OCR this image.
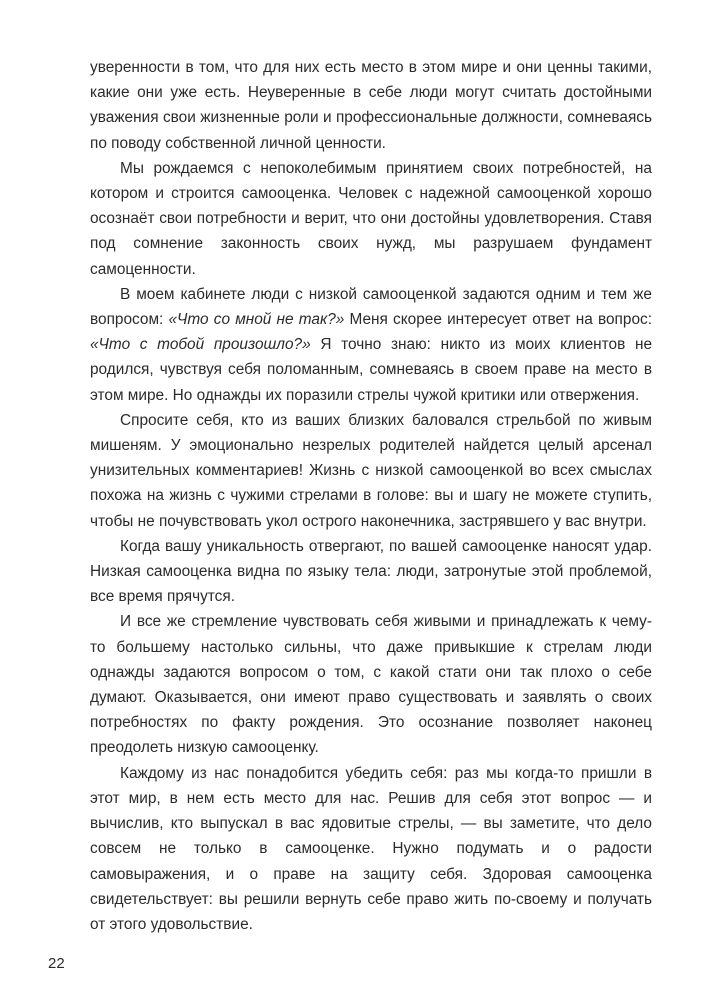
уверенности в том, что для них есть место в этом мире и они ценны такими, какие они уже есть. Неуверенные в себе люди могут считать достойными уважения свои жизненные роли и профессиональные должности, сомневаясь по поводу собственной личной ценности.

Мы рождаемся с непоколебимым принятием своих потребностей, на котором и строится самооценка. Человек с надежной самооценкой хорошо осознаёт свои потребности и верит, что они достойны удовлетворения. Ставя под сомнение законность своих нужд, мы разрушаем фундамент самоценности.

В моем кабинете люди с низкой самооценкой задаются одним и тем же вопросом: «Что со мной не так?» Меня скорее интересует ответ на вопрос: «Что с тобой произошло?» Я точно знаю: никто из моих клиентов не родился, чувствуя себя поломанным, сомневаясь в своем праве на место в этом мире. Но однажды их поразили стрелы чужой критики или отвержения.

Спросите себя, кто из ваших близких баловался стрельбой по живым мишеням. У эмоционально незрелых родителей найдется целый арсенал унизительных комментариев! Жизнь с низкой самооценкой во всех смыслах похожа на жизнь с чужими стрелами в голове: вы и шагу не можете ступить, чтобы не почувствовать укол острого наконечника, застрявшего у вас внутри.

Когда вашу уникальность отвергают, по вашей самооценке наносят удар. Низкая самооценка видна по языку тела: люди, затронутые этой проблемой, все время прячутся.

И все же стремление чувствовать себя живыми и принадлежать к чему-то большему настолько сильны, что даже привыкшие к стрелам люди однажды задаются вопросом о том, с какой стати они так плохо о себе думают. Оказывается, они имеют право существовать и заявлять о своих потребностях по факту рождения. Это осознание позволяет наконец преодолеть низкую самооценку.

Каждому из нас понадобится убедить себя: раз мы когда-то пришли в этот мир, в нем есть место для нас. Решив для себя этот вопрос — и вычислив, кто выпускал в вас ядовитые стрелы, — вы заметите, что дело совсем не только в самооценке. Нужно подумать и о радости самовыражения, и о праве на защиту себя. Здоровая самооценка свидетельствует: вы решили вернуть себе право жить по-своему и получать от этого удовольствие.

22
